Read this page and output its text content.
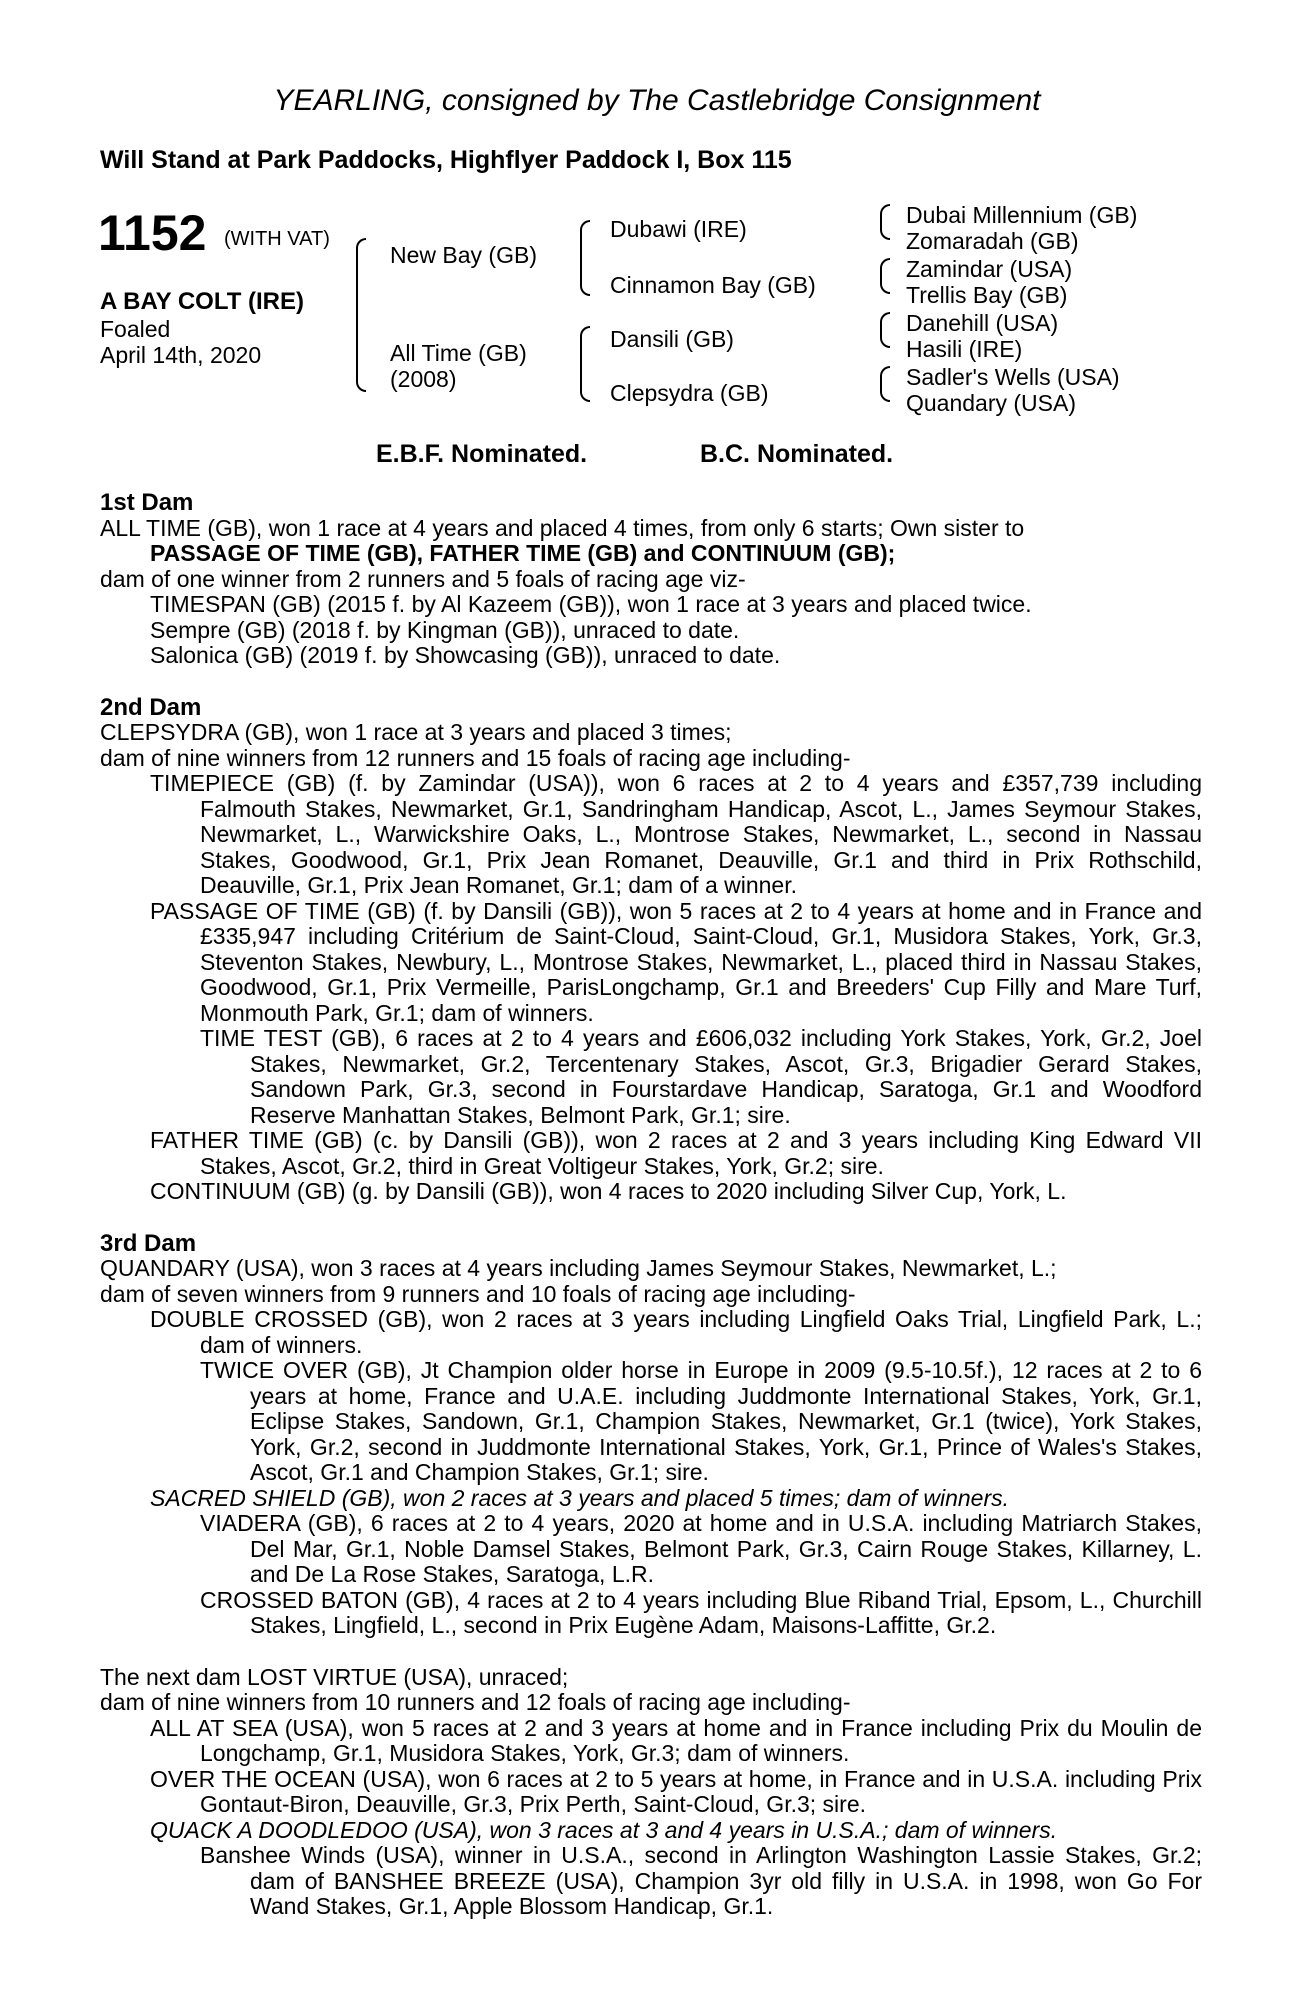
YEARLING, consigned by The Castlebridge Consignment
Will Stand at Park Paddocks, Highflyer Paddock I, Box 115
1152 (WITH VAT)
A BAY COLT (IRE)
Foaled
April 14th, 2020
New Bay (GB)
All Time (GB)
(2008)
Dubawi (IRE)
Cinnamon Bay (GB)
Dansili (GB)
Clepsydra (GB)
Dubai Millennium (GB)
Zomaradah (GB)
Zamindar (USA)
Trellis Bay (GB)
Danehill (USA)
Hasili (IRE)
Sadler's Wells (USA)
Quandary (USA)
E.B.F. Nominated.	B.C. Nominated.

1st Dam

ALL TIME (GB), won 1 race at 4 years and placed 4 times, from only 6 starts; Own sister to

PASSAGE OF TIME (GB), FATHER TIME (GB) and CONTINUUM (GB);

dam of one winner from 2 runners and 5 foals of racing age viz-

TIMESPAN (GB) (2015 f. by Al Kazeem (GB)), won 1 race at 3 years and placed twice.

Sempre (GB) (2018 f. by Kingman (GB)), unraced to date.

Salonica (GB) (2019 f. by Showcasing (GB)), unraced to date.

2nd Dam

CLEPSYDRA (GB), won 1 race at 3 years and placed 3 times;

dam of nine winners from 12 runners and 15 foals of racing age including-

TIMEPIECE (GB) (f. by Zamindar (USA)), won 6 races at 2 to 4 years and £357,739 including Falmouth Stakes, Newmarket, Gr.1, Sandringham Handicap, Ascot, L., James Seymour Stakes, Newmarket, L., Warwickshire Oaks, L., Montrose Stakes, Newmarket, L., second in Nassau Stakes, Goodwood, Gr.1, Prix Jean Romanet, Deauville, Gr.1 and third in Prix Rothschild, Deauville, Gr.1, Prix Jean Romanet, Gr.1; dam of a winner.

PASSAGE OF TIME (GB) (f. by Dansili (GB)), won 5 races at 2 to 4 years at home and in France and £335,947 including Critérium de Saint-Cloud, Saint-Cloud, Gr.1, Musidora Stakes, York, Gr.3, Steventon Stakes, Newbury, L., Montrose Stakes, Newmarket, L., placed third in Nassau Stakes, Goodwood, Gr.1, Prix Vermeille, ParisLongchamp, Gr.1 and Breeders' Cup Filly and Mare Turf, Monmouth Park, Gr.1; dam of winners.

TIME TEST (GB), 6 races at 2 to 4 years and £606,032 including York Stakes, York, Gr.2, Joel Stakes, Newmarket, Gr.2, Tercentenary Stakes, Ascot, Gr.3, Brigadier Gerard Stakes, Sandown Park, Gr.3, second in Fourstardave Handicap, Saratoga, Gr.1 and Woodford Reserve Manhattan Stakes, Belmont Park, Gr.1; sire.

FATHER TIME (GB) (c. by Dansili (GB)), won 2 races at 2 and 3 years including King Edward VII Stakes, Ascot, Gr.2, third in Great Voltigeur Stakes, York, Gr.2; sire.

CONTINUUM (GB) (g. by Dansili (GB)), won 4 races to 2020 including Silver Cup, York, L.

3rd Dam

QUANDARY (USA), won 3 races at 4 years including James Seymour Stakes, Newmarket, L.;

dam of seven winners from 9 runners and 10 foals of racing age including-

DOUBLE CROSSED (GB), won 2 races at 3 years including Lingfield Oaks Trial, Lingfield Park, L.; dam of winners.

TWICE OVER (GB), Jt Champion older horse in Europe in 2009 (9.5-10.5f.), 12 races at 2 to 6 years at home, France and U.A.E. including Juddmonte International Stakes, York, Gr.1, Eclipse Stakes, Sandown, Gr.1, Champion Stakes, Newmarket, Gr.1 (twice), York Stakes, York, Gr.2, second in Juddmonte International Stakes, York, Gr.1, Prince of Wales's Stakes, Ascot, Gr.1 and Champion Stakes, Gr.1; sire.

SACRED SHIELD (GB), won 2 races at 3 years and placed 5 times; dam of winners.

VIADERA (GB), 6 races at 2 to 4 years, 2020 at home and in U.S.A. including Matriarch Stakes, Del Mar, Gr.1, Noble Damsel Stakes, Belmont Park, Gr.3, Cairn Rouge Stakes, Killarney, L. and De La Rose Stakes, Saratoga, L.R.

CROSSED BATON (GB), 4 races at 2 to 4 years including Blue Riband Trial, Epsom, L., Churchill Stakes, Lingfield, L., second in Prix Eugène Adam, Maisons-Laffitte, Gr.2.

The next dam LOST VIRTUE (USA), unraced;

dam of nine winners from 10 runners and 12 foals of racing age including-

ALL AT SEA (USA), won 5 races at 2 and 3 years at home and in France including Prix du Moulin de Longchamp, Gr.1, Musidora Stakes, York, Gr.3; dam of winners.

OVER THE OCEAN (USA), won 6 races at 2 to 5 years at home, in France and in U.S.A. including Prix Gontaut-Biron, Deauville, Gr.3, Prix Perth, Saint-Cloud, Gr.3; sire.

QUACK A DOODLEDOO (USA), won 3 races at 3 and 4 years in U.S.A.; dam of winners.

Banshee Winds (USA), winner in U.S.A., second in Arlington Washington Lassie Stakes, Gr.2; dam of BANSHEE BREEZE (USA), Champion 3yr old filly in U.S.A. in 1998, won Go For Wand Stakes, Gr.1, Apple Blossom Handicap, Gr.1.
